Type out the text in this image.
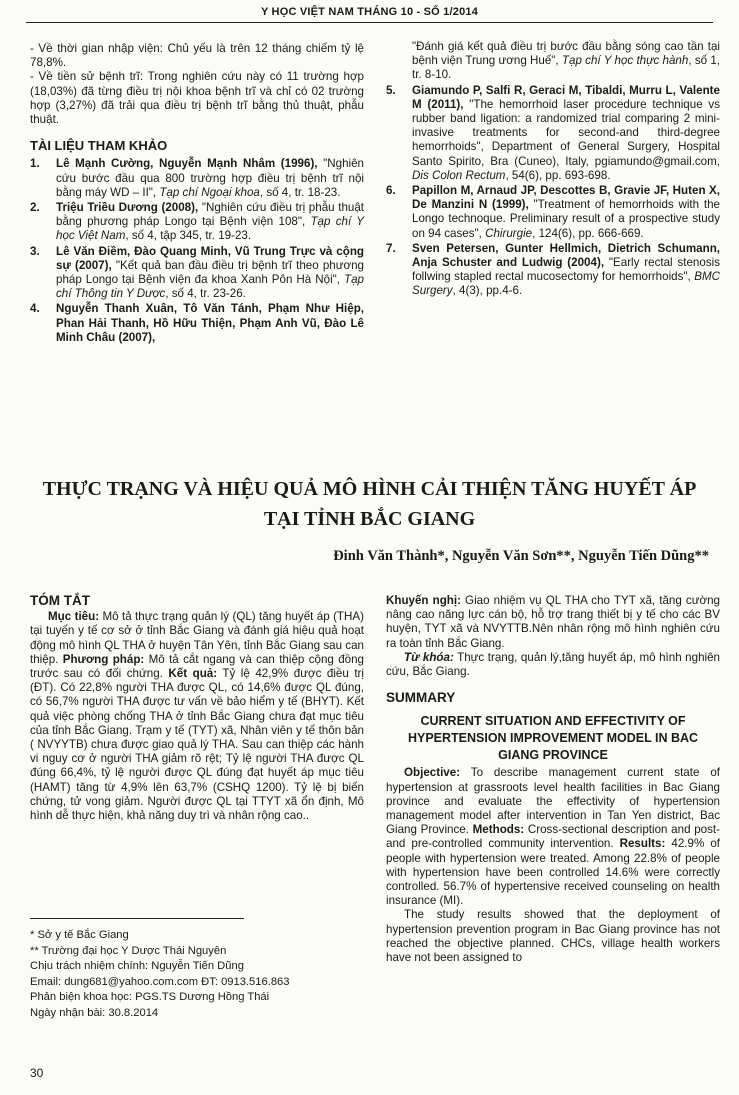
Y HỌC VIỆT NAM THÁNG 10 - SỐ 1/2014

- Về thời gian nhập viện: Chủ yếu là trên 12 tháng chiếm tỷ lệ 78,8%.

- Về tiền sử bệnh trĩ: Trong nghiên cứu này có 11 trường hợp (18,03%) đã từng điều trị nội khoa bệnh trĩ và chỉ có 02 trường hợp (3,27%) đã trải qua điều trị bệnh trĩ bằng thủ thuật, phẫu thuật.

TÀI LIỆU THAM KHẢO
1.	Lê Mạnh Cường, Nguyễn Mạnh Nhâm (1996), "Nghiên cứu bước đầu qua 800 trường hợp điều trị bệnh trĩ nội bằng máy WD – II", Tạp chí Ngoại khoa, số 4, tr. 18-23.
2.	Triệu Triều Dương (2008), "Nghiên cứu điều trị phẫu thuật bằng phương pháp Longo tại Bệnh viện 108", Tạp chí Y học Việt Nam, số 4, tập 345, tr. 19-23.
3.	Lê Văn Điềm, Đào Quang Minh, Vũ Trung Trực và cộng sự (2007), "Kết quả ban đầu điều trị bệnh trĩ theo phương pháp Longo tại Bệnh viện đa khoa Xanh Pôn Hà Nội", Tạp chí Thông tin Y Dược, số 4, tr. 23-26.
4.	Nguyễn Thanh Xuân, Tô Văn Tánh, Phạm Như Hiệp, Phan Hải Thanh, Hồ Hữu Thiện, Phạm Anh Vũ, Đào Lê Minh Châu (2007),
"Đánh giá kết quả điều trị bước đầu bằng sóng cao tần tại bệnh viện Trung ương Huế", Tạp chí Y học thực hành, số 1, tr. 8-10.
5.	Giamundo P, Salfi R, Geraci M, Tibaldi, Murru L, Valente M (2011), "The hemorrhoid laser procedure technique vs rubber band ligation: a randomized trial comparing 2 mini-invasive treatments for second-and third-degree hemorrhoids", Department of General Surgery, Hospital Santo Spirito, Bra (Cuneo), Italy, pgiamundo@gmail.com, Dis Colon Rectum, 54(6), pp. 693-698.
6.	Papillon M, Arnaud JP, Descottes B, Gravie JF, Huten X, De Manzini N (1999), "Treatment of hemorrhoids with the Longo technoque. Preliminary result of a prospective study on 94 cases", Chirurgie, 124(6), pp. 666-669.
7.	Sven Petersen, Gunter Hellmich, Dietrich Schumann, Anja Schuster and Ludwig (2004), "Early rectal stenosis follwing stapled rectal mucosectomy for hemorrhoids", BMC Surgery, 4(3), pp.4-6.
THỰC TRẠNG VÀ HIỆU QUẢ MÔ HÌNH CẢI THIỆN TĂNG HUYẾT ÁP
TẠI TỈNH BẮC GIANG
Đinh Văn Thành*, Nguyễn Văn Sơn**, Nguyễn Tiến Dũng**
TÓM TẮT

Mục tiêu: Mô tả thực trạng quản lý (QL) tăng huyết áp (THA) tại tuyến y tế cơ sở ở tỉnh Bắc Giang và đánh giá hiệu quả hoạt động mô hình QL THA ở huyện Tân Yên, tỉnh Bắc Giang sau can thiệp. Phương pháp: Mô tả cắt ngang và can thiệp cộng đồng trước sau có đối chứng. Kết quả: Tỷ lệ 42,9% được điều trị (ĐT). Có 22,8% người THA được QL, có 14,6% được QL đúng, có 56,7% người THA được tư vấn về bảo hiểm y tế (BHYT). Kết quả việc phòng chống THA ở tỉnh Bắc Giang chưa đạt mục tiêu của tỉnh Bắc Giang. Trạm y tế (TYT) xã, Nhân viên y tế thôn bản ( NVYYTB) chưa được giao quả lý THA. Sau can thiệp các hành vi nguy cơ ở người THA giảm rõ rệt; Tỷ lệ người THA được QL đúng 66,4%, tỷ lệ người được QL đúng đạt huyết áp mục tiêu (HAMT) tăng từ 4,9% lên 63,7% (CSHQ 1200). Tỷ lệ bị biến chứng, tử vong giảm. Người được QL tại TTYT xã ổn định, Mô hình dễ thực hiện, khả năng duy trì và nhân rộng cao..

Khuyến nghị: Giao nhiệm vụ QL THA cho TYT xã, tăng cường nâng cao năng lực cán bộ, hỗ trợ trang thiết bị y tế cho các BV huyện, TYT xã và NVYTTB.Nên nhân rộng mô hình nghiên cứu ra toàn tỉnh Bắc Giang.

Từ khóa: Thực trạng, quản lý,tăng huyết áp, mô hình nghiên cứu, Bắc Giang.

SUMMARY
CURRENT SITUATION AND EFFECTIVITY OF HYPERTENSION IMPROVEMENT MODEL IN BAC GIANG PROVINCE

Objective: To describe management current state of hypertension at grassroots level health facilities in Bac Giang province and evaluate the effectivity of hypertension management model after intervention in Tan Yen district, Bac Giang Province. Methods: Cross-sectional description and post- and pre-controlled community intervention. Results: 42.9% of people with hypertension were treated. Among 22.8% of people with hypertension have been controlled 14.6% were correctly controlled. 56.7% of hypertensive received counseling on health insurance (MI).

The study results showed that the deployment of hypertension prevention program in Bac Giang province has not reached the objective planned. CHCs, village health workers have not been assigned to

* Sở y tế Bắc Giang
** Trường đại học Y Dược Thái Nguyên
Chịu trách nhiệm chính: Nguyễn Tiến Dũng
Email: dung681@yahoo.com.com ĐT: 0913.516.863
Phản biện khoa học: PGS.TS Dương Hồng Thái
Ngày nhận bài: 30.8.2014
30
